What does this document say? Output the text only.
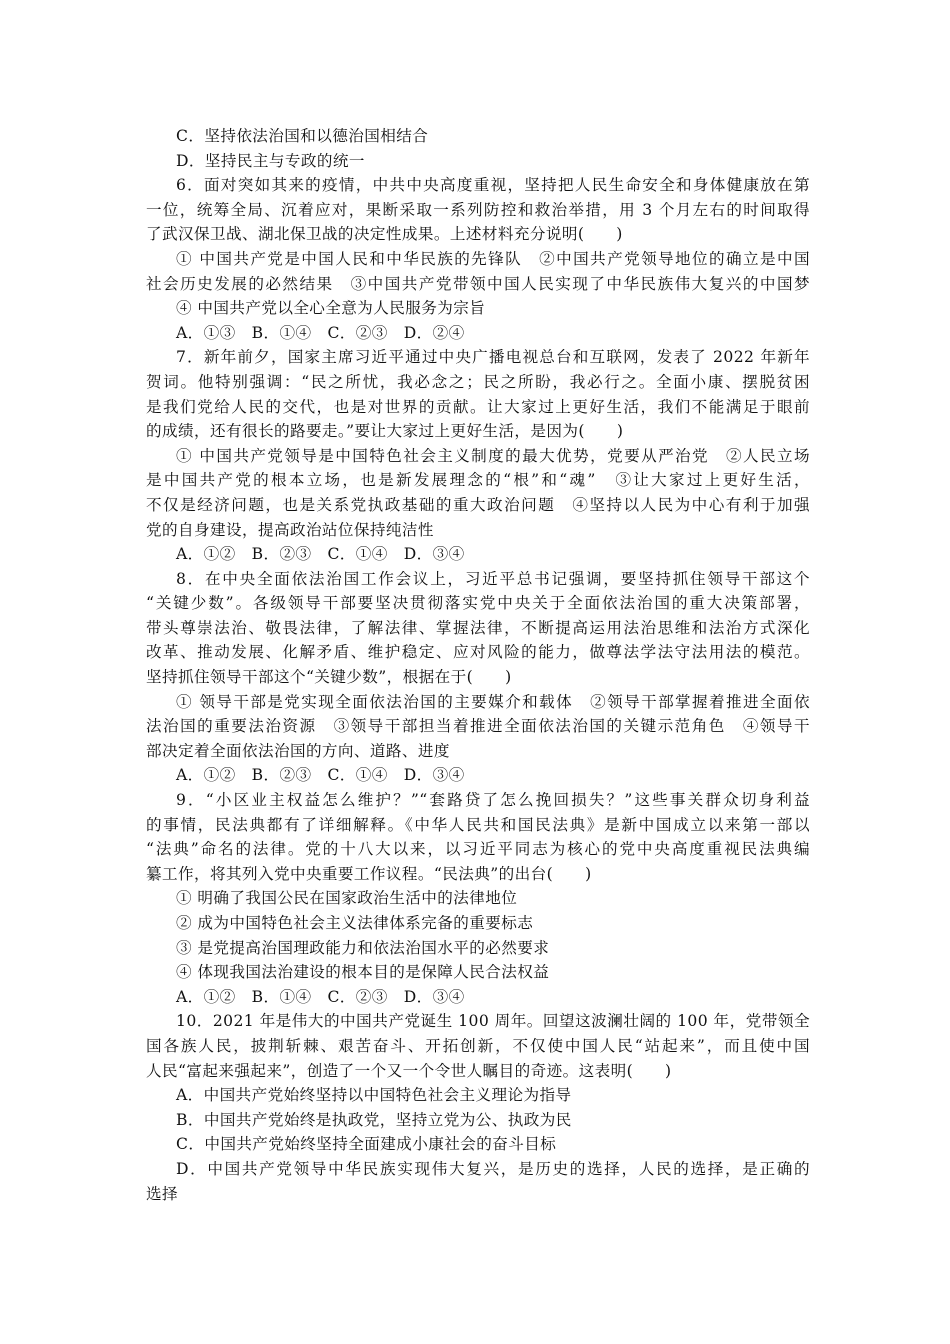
C．坚持依法治国和以德治国相结合
D．坚持民主与专政的统一
6．面对突如其来的疫情，中共中央高度重视，坚持把人民生命安全和身体健康放在第
一位，统筹全局、沉着应对，果断采取一系列防控和救治举措，用 3 个月左右的时间取得
了武汉保卫战、湖北保卫战的决定性成果。上述材料充分说明(　　)
① 中国共产党是中国人民和中华民族的先锋队　②中国共产党领导地位的确立是中国
社会历史发展的必然结果　③中国共产党带领中国人民实现了中华民族伟大复兴的中国梦
④ 中国共产党以全心全意为人民服务为宗旨
A．①③　B．①④　C．②③　D．②④
7．新年前夕，国家主席习近平通过中央广播电视总台和互联网，发表了 2022 年新年
贺词。他特别强调：“民之所忧，我必念之；民之所盼，我必行之。全面小康、摆脱贫困
是我们党给人民的交代，也是对世界的贡献。让大家过上更好生活，我们不能满足于眼前
的成绩，还有很长的路要走。”要让大家过上更好生活，是因为(　　)
① 中国共产党领导是中国特色社会主义制度的最大优势，党要从严治党　②人民立场
是中国共产党的根本立场，也是新发展理念的“根”和“魂”　③让大家过上更好生活，
不仅是经济问题，也是关系党执政基础的重大政治问题　④坚持以人民为中心有利于加强
党的自身建设，提高政治站位保持纯洁性
A．①②　B．②③　C．①④　D．③④
8．在中央全面依法治国工作会议上，习近平总书记强调，要坚持抓住领导干部这个
“关键少数”。各级领导干部要坚决贯彻落实党中央关于全面依法治国的重大决策部署，
带头尊崇法治、敬畏法律，了解法律、掌握法律，不断提高运用法治思维和法治方式深化
改革、推动发展、化解矛盾、维护稳定、应对风险的能力，做尊法学法守法用法的模范。
坚持抓住领导干部这个“关键少数”，根据在于(　　)
① 领导干部是党实现全面依法治国的主要媒介和载体　②领导干部掌握着推进全面依
法治国的重要法治资源　③领导干部担当着推进全面依法治国的关键示范角色　④领导干
部决定着全面依法治国的方向、道路、进度
A．①②　B．②③　C．①④　D．③④
9．“小区业主权益怎么维护？”“套路贷了怎么挽回损失？”这些事关群众切身利益
的事情，民法典都有了详细解释。《中华人民共和国民法典》是新中国成立以来第一部以
“法典”命名的法律。党的十八大以来，以习近平同志为核心的党中央高度重视民法典编
纂工作，将其列入党中央重要工作议程。“民法典”的出台(　　)
① 明确了我国公民在国家政治生活中的法律地位
② 成为中国特色社会主义法律体系完备的重要标志
③ 是党提高治国理政能力和依法治国水平的必然要求
④ 体现我国法治建设的根本目的是保障人民合法权益
A．①②　B．①④　C．②③　D．③④
10．2021 年是伟大的中国共产党诞生 100 周年。回望这波澜壮阔的 100 年，党带领全
国各族人民，披荆斩棘、艰苦奋斗、开拓创新，不仅使中国人民“站起来”，而且使中国
人民“富起来强起来”，创造了一个又一个令世人瞩目的奇迹。这表明(　　)
A．中国共产党始终坚持以中国特色社会主义理论为指导
B．中国共产党始终是执政党，坚持立党为公、执政为民
C．中国共产党始终坚持全面建成小康社会的奋斗目标
D．中国共产党领导中华民族实现伟大复兴，是历史的选择，人民的选择，是正确的
选择
